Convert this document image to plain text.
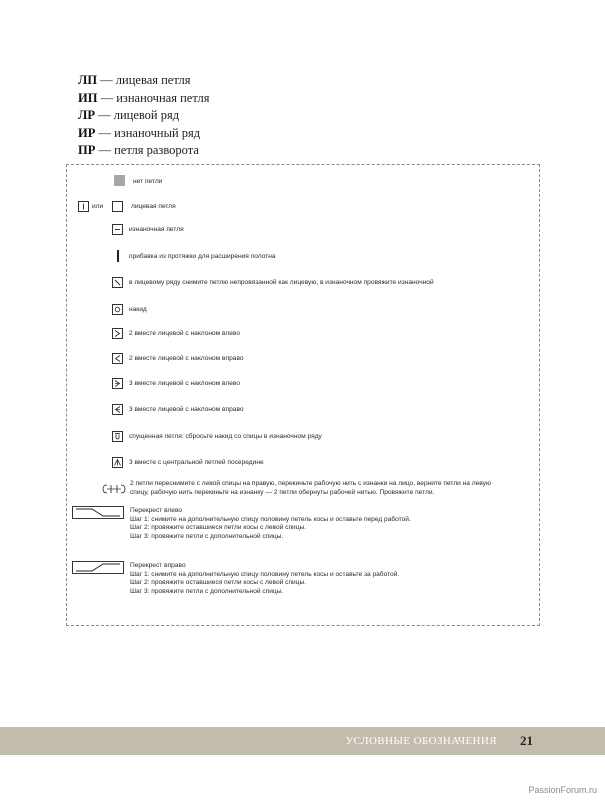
ЛП — лицевая петля
ИП — изнаночная петля
ЛР — лицевой ряд
ИР — изнаночный ряд
ПР — петля разворота
нет петли
или	лицевая петля
изнаночная петля
прибавка из протяжки для расширения полотна
в лицевому ряду снимите петлю непровязанной как лицевую, в изнаночном провяжите изнаночной
накид
2 вместе лицевой с наклоном влево
2 вместе лицевой с наклоном вправо
3 вместе лицевой с наклоном влево
3 вместе лицевой с наклоном вправо
спущенная петля: сбросьте накид со спицы в изнаночном ряду
3 вместе с центральной петлей посередине
2 петли переснимите с левой спицы на правую, перекиньте рабочую нить с изнанки на лицо, верните петли на левую
спицу, рабочую нить перекиньте на изнанку — 2 петли обернуты рабочей нитью. Провяжите петли.
Перекрест влево
Шаг 1: снимите на дополнительную спицу половину петель косы и оставьте перед работой.
Шаг 2: провяжите оставшиеся петли косы с левой спицы.
Шаг 3: провяжите петли с дополнительной спицы.
Перекрест вправо
Шаг 1: снимите на дополнительную спицу половину петель косы и оставьте за работой.
Шаг 2: провяжите оставшиеся петли косы с левой спицы.
Шаг 3: провяжите петли с дополнительной спицы.
УСЛОВНЫЕ ОБОЗНАЧЕНИЯ 21
PassionForum.ru
